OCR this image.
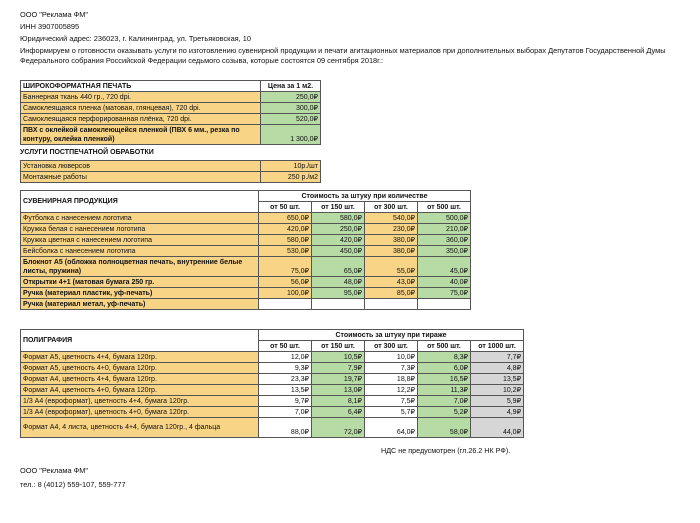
ООО "Реклама ФМ"
ИНН 3907005895
Юридический адрес: 236023, г. Калининград, ул. Третьяковская, 10
Информируем о готовности оказывать услуги по изготовлению сувенирной продукции и печати агитационных материалов при дополнительных выборах Депутатов Государственной Думы Федерального собрания Российской Федерации седьмого созыва, которые состоятся 09 сентября 2018г.:
ШИРОКОФОРМАТНАЯ ПЕЧАТЬ	Цена за 1 м2.
Баннерная ткань 440 гр., 720 dpi.	250,0₽
Самоклеящаяся пленка (матовая, глянцевая), 720 dpi.	300,0₽
Самоклеящаяся перфорированная плёнка, 720 dpi.	520,0₽
ПВХ с оклейкой самоклеющейся пленкой (ПВХ 6 мм., резка по контуру, оклейка пленкой)	1 300,0₽
УСЛУГИ ПОСТПЕЧАТНОЙ ОБРАБОТКИ
Установка люверсов	10р./шт
Монтажные работы	250 р./м2
СУВЕНИРНАЯ ПРОДУКЦИЯ	Стоимость за штуку при количестве			
	от 50 шт.	от 150 шт.	от 300 шт.	от 500 шт.
Футболка с нанесением логотипа	650,0₽	580,0₽	540,0₽	500,0₽
Кружка белая с нанесением логотипа	420,0₽	250,0₽	230,0₽	210,0₽
Кружка цветная с нанесением логотипа	580,0₽	420,0₽	380,0₽	360,0₽
Бейсболка с нанесением логотипа	530,0₽	450,0₽	380,0₽	350,0₽
Блокнот А5 (обложка полноцветная печать, внутренние белые листы, пружина)	75,0₽	65,0₽	55,0₽	45,0₽
Открытки 4+1 (матовая бумага 250 гр.	56,0₽	48,0₽	43,0₽	40,0₽
Ручка (материал пластик, уф-печать)	100,0₽	95,0₽	85,0₽	75,0₽
Ручка (материал метал, уф-печать)				
ПОЛИГРАФИЯ	Стоимость за штуку при тираже				
	от 50 шт.	от 150 шт.	от 300 шт.	от 500 шт.	от 1000 шт.
Формат А5, цветность 4+4, бумага 120гр.	12,0₽	10,5₽	10,0₽	8,3₽	7,7₽
Формат А5, цветность 4+0, бумага 120гр.	9,3₽	7,9₽	7,3₽	6,0₽	4,8₽
Формат А4, цветность 4+4, бумага 120гр.	23,3₽	19,7₽	18,8₽	16,5₽	13,5₽
Формат А4, цветность 4+0, бумага 120гр.	13,5₽	13,0₽	12,2₽	11,3₽	10,2₽
1/3 А4 (еврoформат), цветность 4+4, бумага 120гр.	9,7₽	8,1₽	7,5₽	7,0₽	5,9₽
1/3 А4 (еврoформат), цветность 4+0, бумага 120гр.	7,0₽	6,4₽	5,7₽	5,2₽	4,9₽
Формат А4, 4 листа, цветность 4+4, бумага 120гр., 4 фальца	88,0₽	72,0₽	64,0₽	58,0₽	44,0₽
НДС не предусмотрен (гл.26.2 НК РФ).
ООО "Реклама ФМ"
тел.: 8 (4012) 559-107, 559-777
